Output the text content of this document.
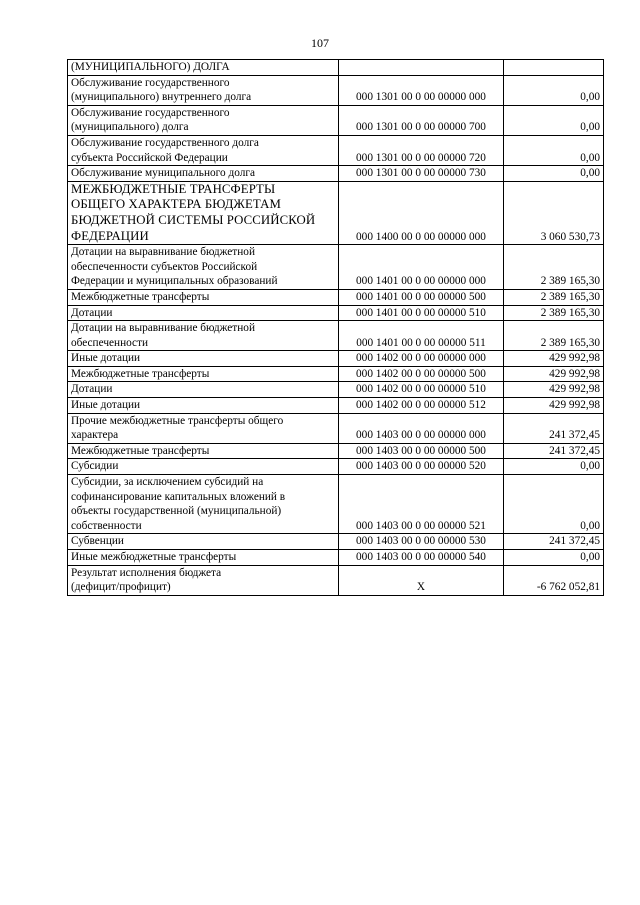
107
(МУНИЦИПАЛЬНОГО) ДОЛГА		
Обслуживание государственного
(муниципального) внутреннего долга	000 1301 00 0 00 00000 000	0,00
Обслуживание государственного
(муниципального) долга	000 1301 00 0 00 00000 700	0,00
Обслуживание государственного долга
субъекта Российской Федерации	000 1301 00 0 00 00000 720	0,00
Обслуживание муниципального долга	000 1301 00 0 00 00000 730	0,00
МЕЖБЮДЖЕТНЫЕ ТРАНСФЕРТЫ
ОБЩЕГО ХАРАКТЕРА БЮДЖЕТАМ
БЮДЖЕТНОЙ СИСТЕМЫ РОССИЙСКОЙ
ФЕДЕРАЦИИ	000 1400 00 0 00 00000 000	3 060 530,73
Дотации на выравнивание бюджетной
обеспеченности субъектов Российской
Федерации и муниципальных образований	000 1401 00 0 00 00000 000	2 389 165,30
Межбюджетные трансферты	000 1401 00 0 00 00000 500	2 389 165,30
Дотации	000 1401 00 0 00 00000 510	2 389 165,30
Дотации на выравнивание бюджетной
обеспеченности	000 1401 00 0 00 00000 511	2 389 165,30
Иные дотации	000 1402 00 0 00 00000 000	429 992,98
Межбюджетные трансферты	000 1402 00 0 00 00000 500	429 992,98
Дотации	000 1402 00 0 00 00000 510	429 992,98
Иные дотации	000 1402 00 0 00 00000 512	429 992,98
Прочие межбюджетные трансферты общего
характера	000 1403 00 0 00 00000 000	241 372,45
Межбюджетные трансферты	000 1403 00 0 00 00000 500	241 372,45
Субсидии	000 1403 00 0 00 00000 520	0,00
Субсидии, за исключением субсидий на
софинансирование капитальных вложений в
объекты государственной (муниципальной)
собственности	000 1403 00 0 00 00000 521	0,00
Субвенции	000 1403 00 0 00 00000 530	241 372,45
Иные межбюджетные трансферты	000 1403 00 0 00 00000 540	0,00
Результат исполнения бюджета
(дефицит/профицит)	X	-6 762 052,81
